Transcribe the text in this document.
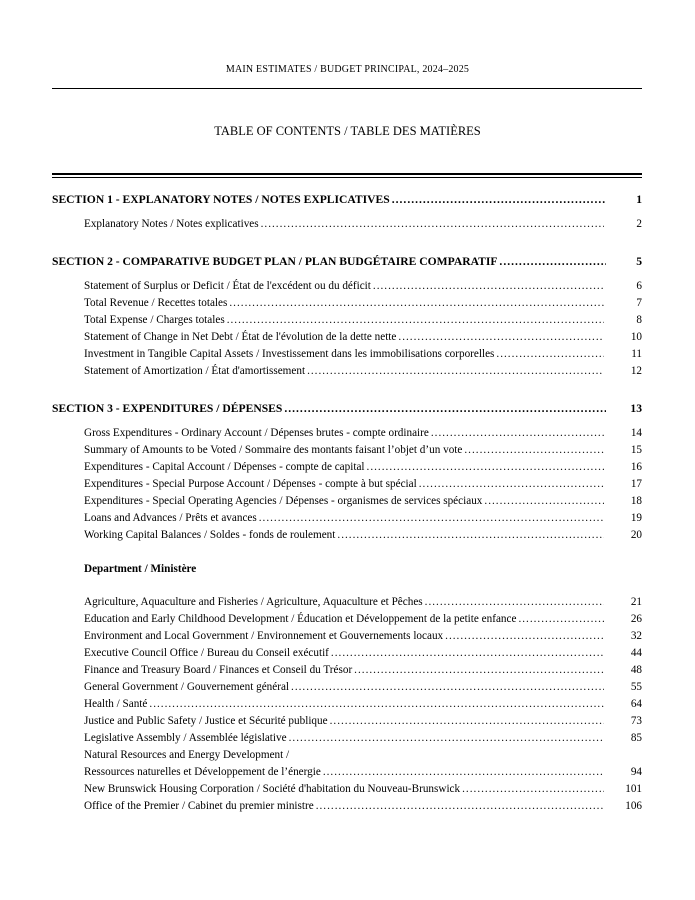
MAIN ESTIMATES / BUDGET PRINCIPAL, 2024–2025
TABLE OF CONTENTS / TABLE DES MATIÈRES
SECTION 1 - EXPLANATORY NOTES / NOTES EXPLICATIVES .....	1
Explanatory Notes / Notes explicatives .....	2
SECTION 2 - COMPARATIVE BUDGET PLAN / PLAN BUDGÉTAIRE COMPARATIF .....	5
Statement of Surplus or Deficit / État de l'excédent ou du déficit .....	6
Total Revenue / Recettes totales .....	7
Total Expense / Charges totales .....	8
Statement of Change in Net Debt / État de l'évolution de la dette nette .....	10
Investment in Tangible Capital Assets / Investissement dans les immobilisations corporelles .....	11
Statement of Amortization / État d'amortissement .....	12
SECTION 3 - EXPENDITURES / DÉPENSES .....	13
Gross Expenditures - Ordinary Account / Dépenses brutes - compte ordinaire .....	14
Summary of Amounts to be Voted / Sommaire des montants faisant l’objet d’un vote .....	15
Expenditures - Capital Account / Dépenses - compte de capital .....	16
Expenditures - Special Purpose Account / Dépenses - compte à but spécial .....	17
Expenditures - Special Operating Agencies / Dépenses - organismes de services spéciaux .....	18
Loans and Advances / Prêts et avances .....	19
Working Capital Balances / Soldes - fonds de roulement .....	20
Department / Ministère
Agriculture, Aquaculture and Fisheries / Agriculture, Aquaculture et Pêches .....	21
Education and Early Childhood Development / Éducation et Développement de la petite enfance .....	26
Environment and Local Government / Environnement et Gouvernements locaux .....	32
Executive Council Office / Bureau du Conseil exécutif .....	44
Finance and Treasury Board / Finances et Conseil du Trésor .....	48
General Government / Gouvernement général .....	55
Health / Santé .....	64
Justice and Public Safety / Justice et Sécurité publique .....	73
Legislative Assembly / Assemblée législative .....	85
Natural Resources and Energy Development /
Ressources naturelles et Développement de l’énergie .....	94
New Brunswick Housing Corporation / Société d'habitation du Nouveau-Brunswick .....	101
Office of the Premier / Cabinet du premier ministre .....	106
